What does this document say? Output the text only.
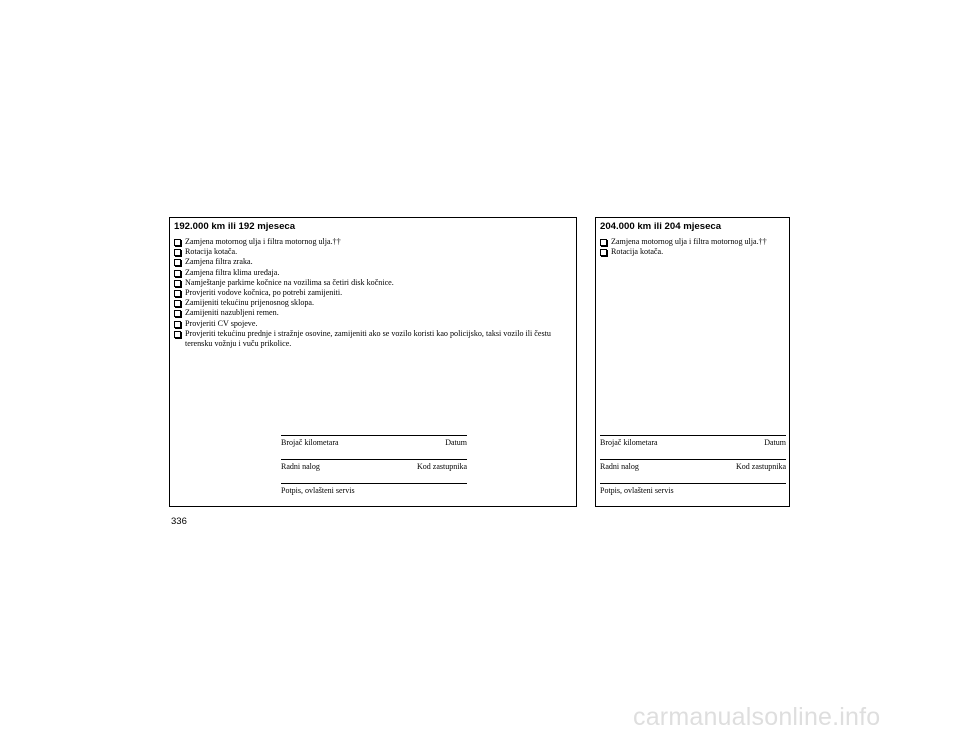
192.000 km ili 192 mjeseca
Zamjena motornog ulja i filtra motornog ulja.††
Rotacija kotača.
Zamjena filtra zraka.
Zamjena filtra klima uređaja.
Namještanje parkirne kočnice na vozilima sa četiri disk kočnice.
Provjeriti vodove kočnica, po potrebi zamijeniti.
Zamijeniti tekućinu prijenosnog sklopa.
Zamijeniti nazubljeni remen.
Provjeriti CV spojeve.
Provjeriti tekućinu prednje i stražnje osovine, zamijeniti ako se vozilo koristi kao policijsko, taksi vozilo ili čestu terensku vožnju i vuču prikolice.
Brojač kilometara	Datum
Radni nalog	Kod zastupnika
Potpis, ovlašteni servis
204.000 km ili 204 mjeseca
Zamjena motornog ulja i filtra motornog ulja.††
Rotacija kotača.
Brojač kilometara	Datum
Radni nalog	Kod zastupnika
Potpis, ovlašteni servis
336
carmanualsonline.info
